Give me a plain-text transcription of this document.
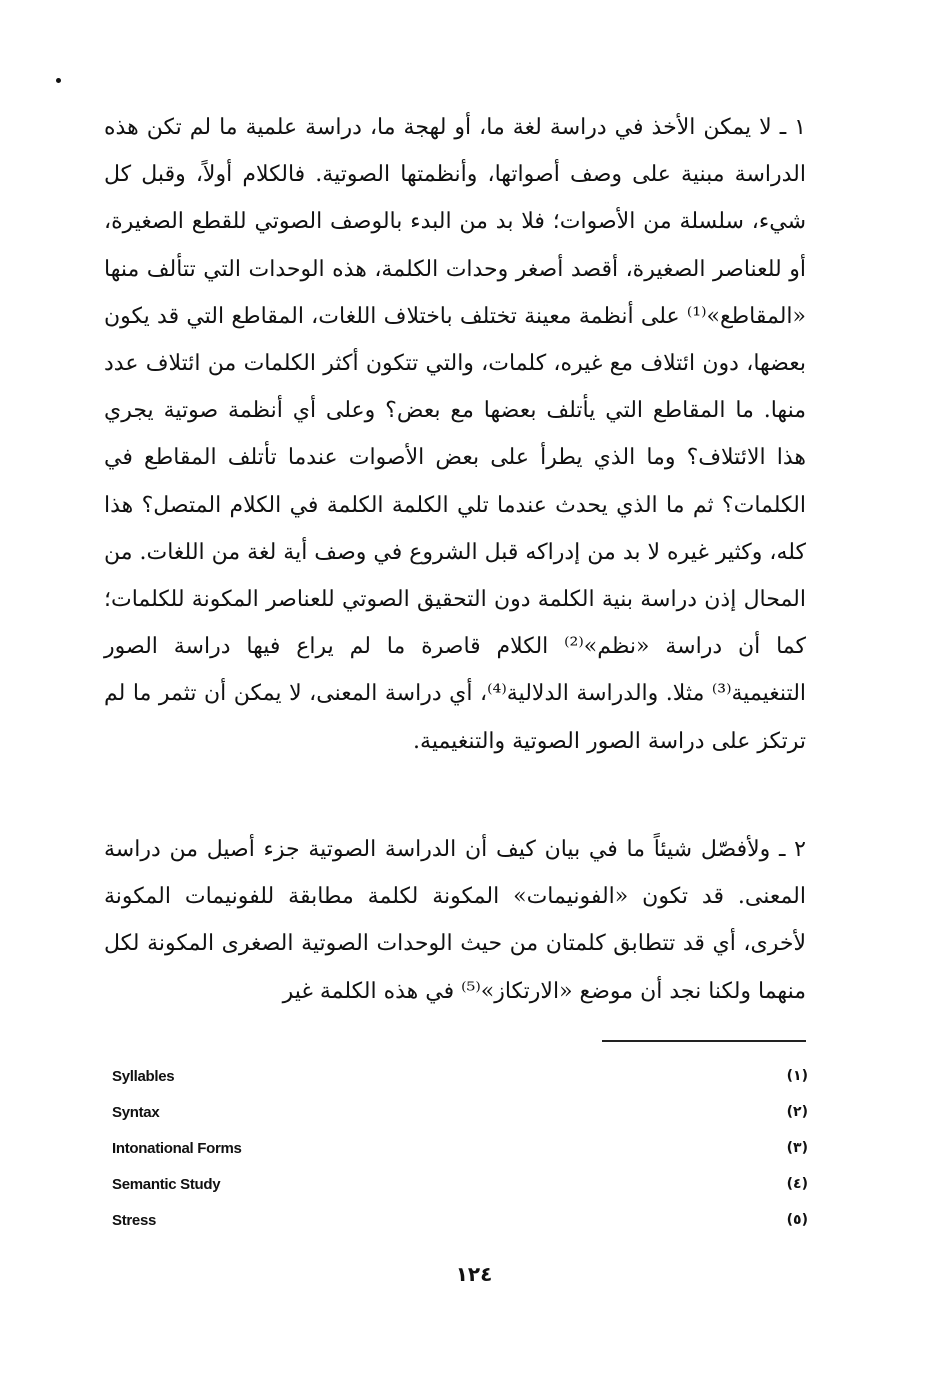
١ ـ لا يمكن الأخذ في دراسة لغة ما، أو لهجة ما، دراسة علمية ما لم تكن هذه الدراسة مبنية على وصف أصواتها، وأنظمتها الصوتية. فالكلام أولاً، وقبل كل شيء، سلسلة من الأصوات؛ فلا بد من البدء بالوصف الصوتي للقطع الصغيرة، أو للعناصر الصغيرة، أقصد أصغر وحدات الكلمة، هذه الوحدات التي تتألف منها «المقاطع»⁽¹⁾ على أنظمة معينة تختلف باختلاف اللغات، المقاطع التي قد يكون بعضها، دون ائتلاف مع غيره، كلمات، والتي تتكون أكثر الكلمات من ائتلاف عدد منها. ما المقاطع التي يأتلف بعضها مع بعض؟ وعلى أي أنظمة صوتية يجري هذا الائتلاف؟ وما الذي يطرأ على بعض الأصوات عندما تأتلف المقاطع في الكلمات؟ ثم ما الذي يحدث عندما تلي الكلمة الكلمة في الكلام المتصل؟ هذا كله، وكثير غيره لا بد من إدراكه قبل الشروع في وصف أية لغة من اللغات. من المحال إذن دراسة بنية الكلمة دون التحقيق الصوتي للعناصر المكونة للكلمات؛ كما أن دراسة «نظم»⁽²⁾ الكلام قاصرة ما لم يراع فيها دراسة الصور التنغيمية⁽³⁾ مثلا. والدراسة الدلالية⁽⁴⁾، أي دراسة المعنى، لا يمكن أن تثمر ما لم ترتكز على دراسة الصور الصوتية والتنغيمية.

٢ ـ ولأفصّل شيئاً ما في بيان كيف أن الدراسة الصوتية جزء أصيل من دراسة المعنى. قد تكون «الفونيمات» المكونة لكلمة مطابقة للفونيمات المكونة لأخرى، أي قد تتطابق كلمتان من حيث الوحدات الصوتية الصغرى المكونة لكل منهما ولكنا نجد أن موضع «الارتكاز»⁽⁵⁾ في هذه الكلمة غير

Syllables	(١)
Syntax	(٢)
Intonational Forms	(٣)
Semantic Study	(٤)
Stress	(٥)
١٢٤
